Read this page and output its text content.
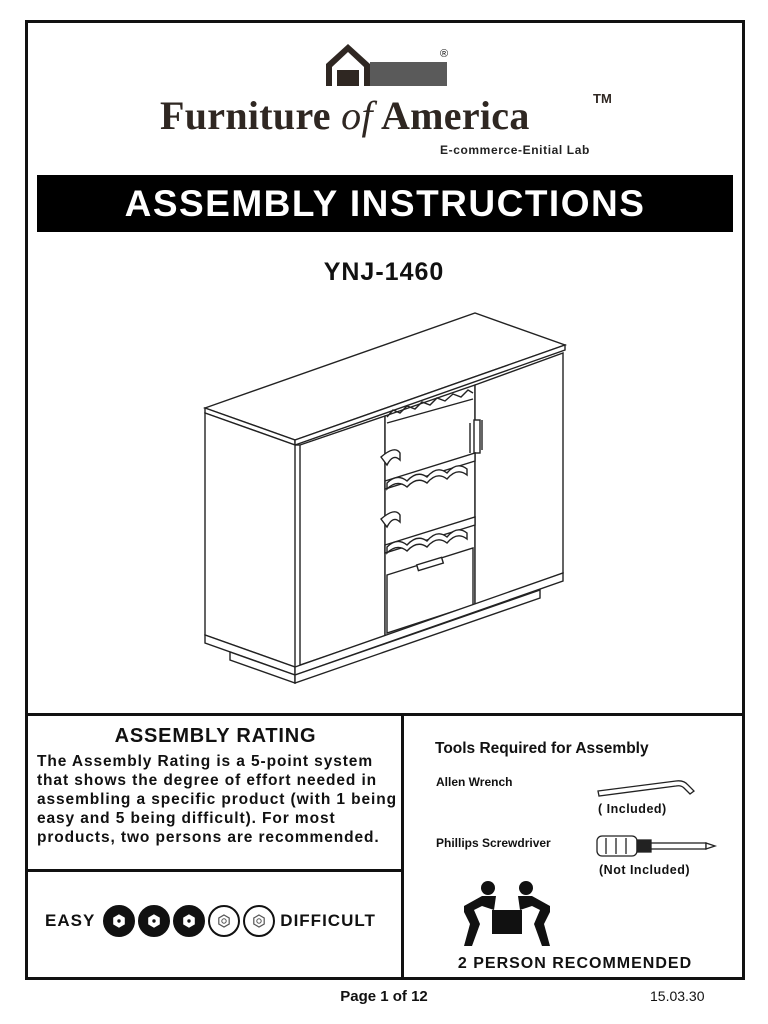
®
Furniture of America	TM
E-commerce-Enitial Lab
ASSEMBLY INSTRUCTIONS
YNJ-1460
ASSEMBLY RATING
The Assembly Rating is a 5-point system that shows the degree of effort needed in assembling a specific product (with 1 being easy and 5 being difficult). For most products, two persons are recommended.
EASY	DIFFICULT
Tools Required for Assembly
Allen Wrench
( Included)
Phillips Screwdriver
(Not Included)
2 PERSON RECOMMENDED
Page 1 of 12	15.03.30
